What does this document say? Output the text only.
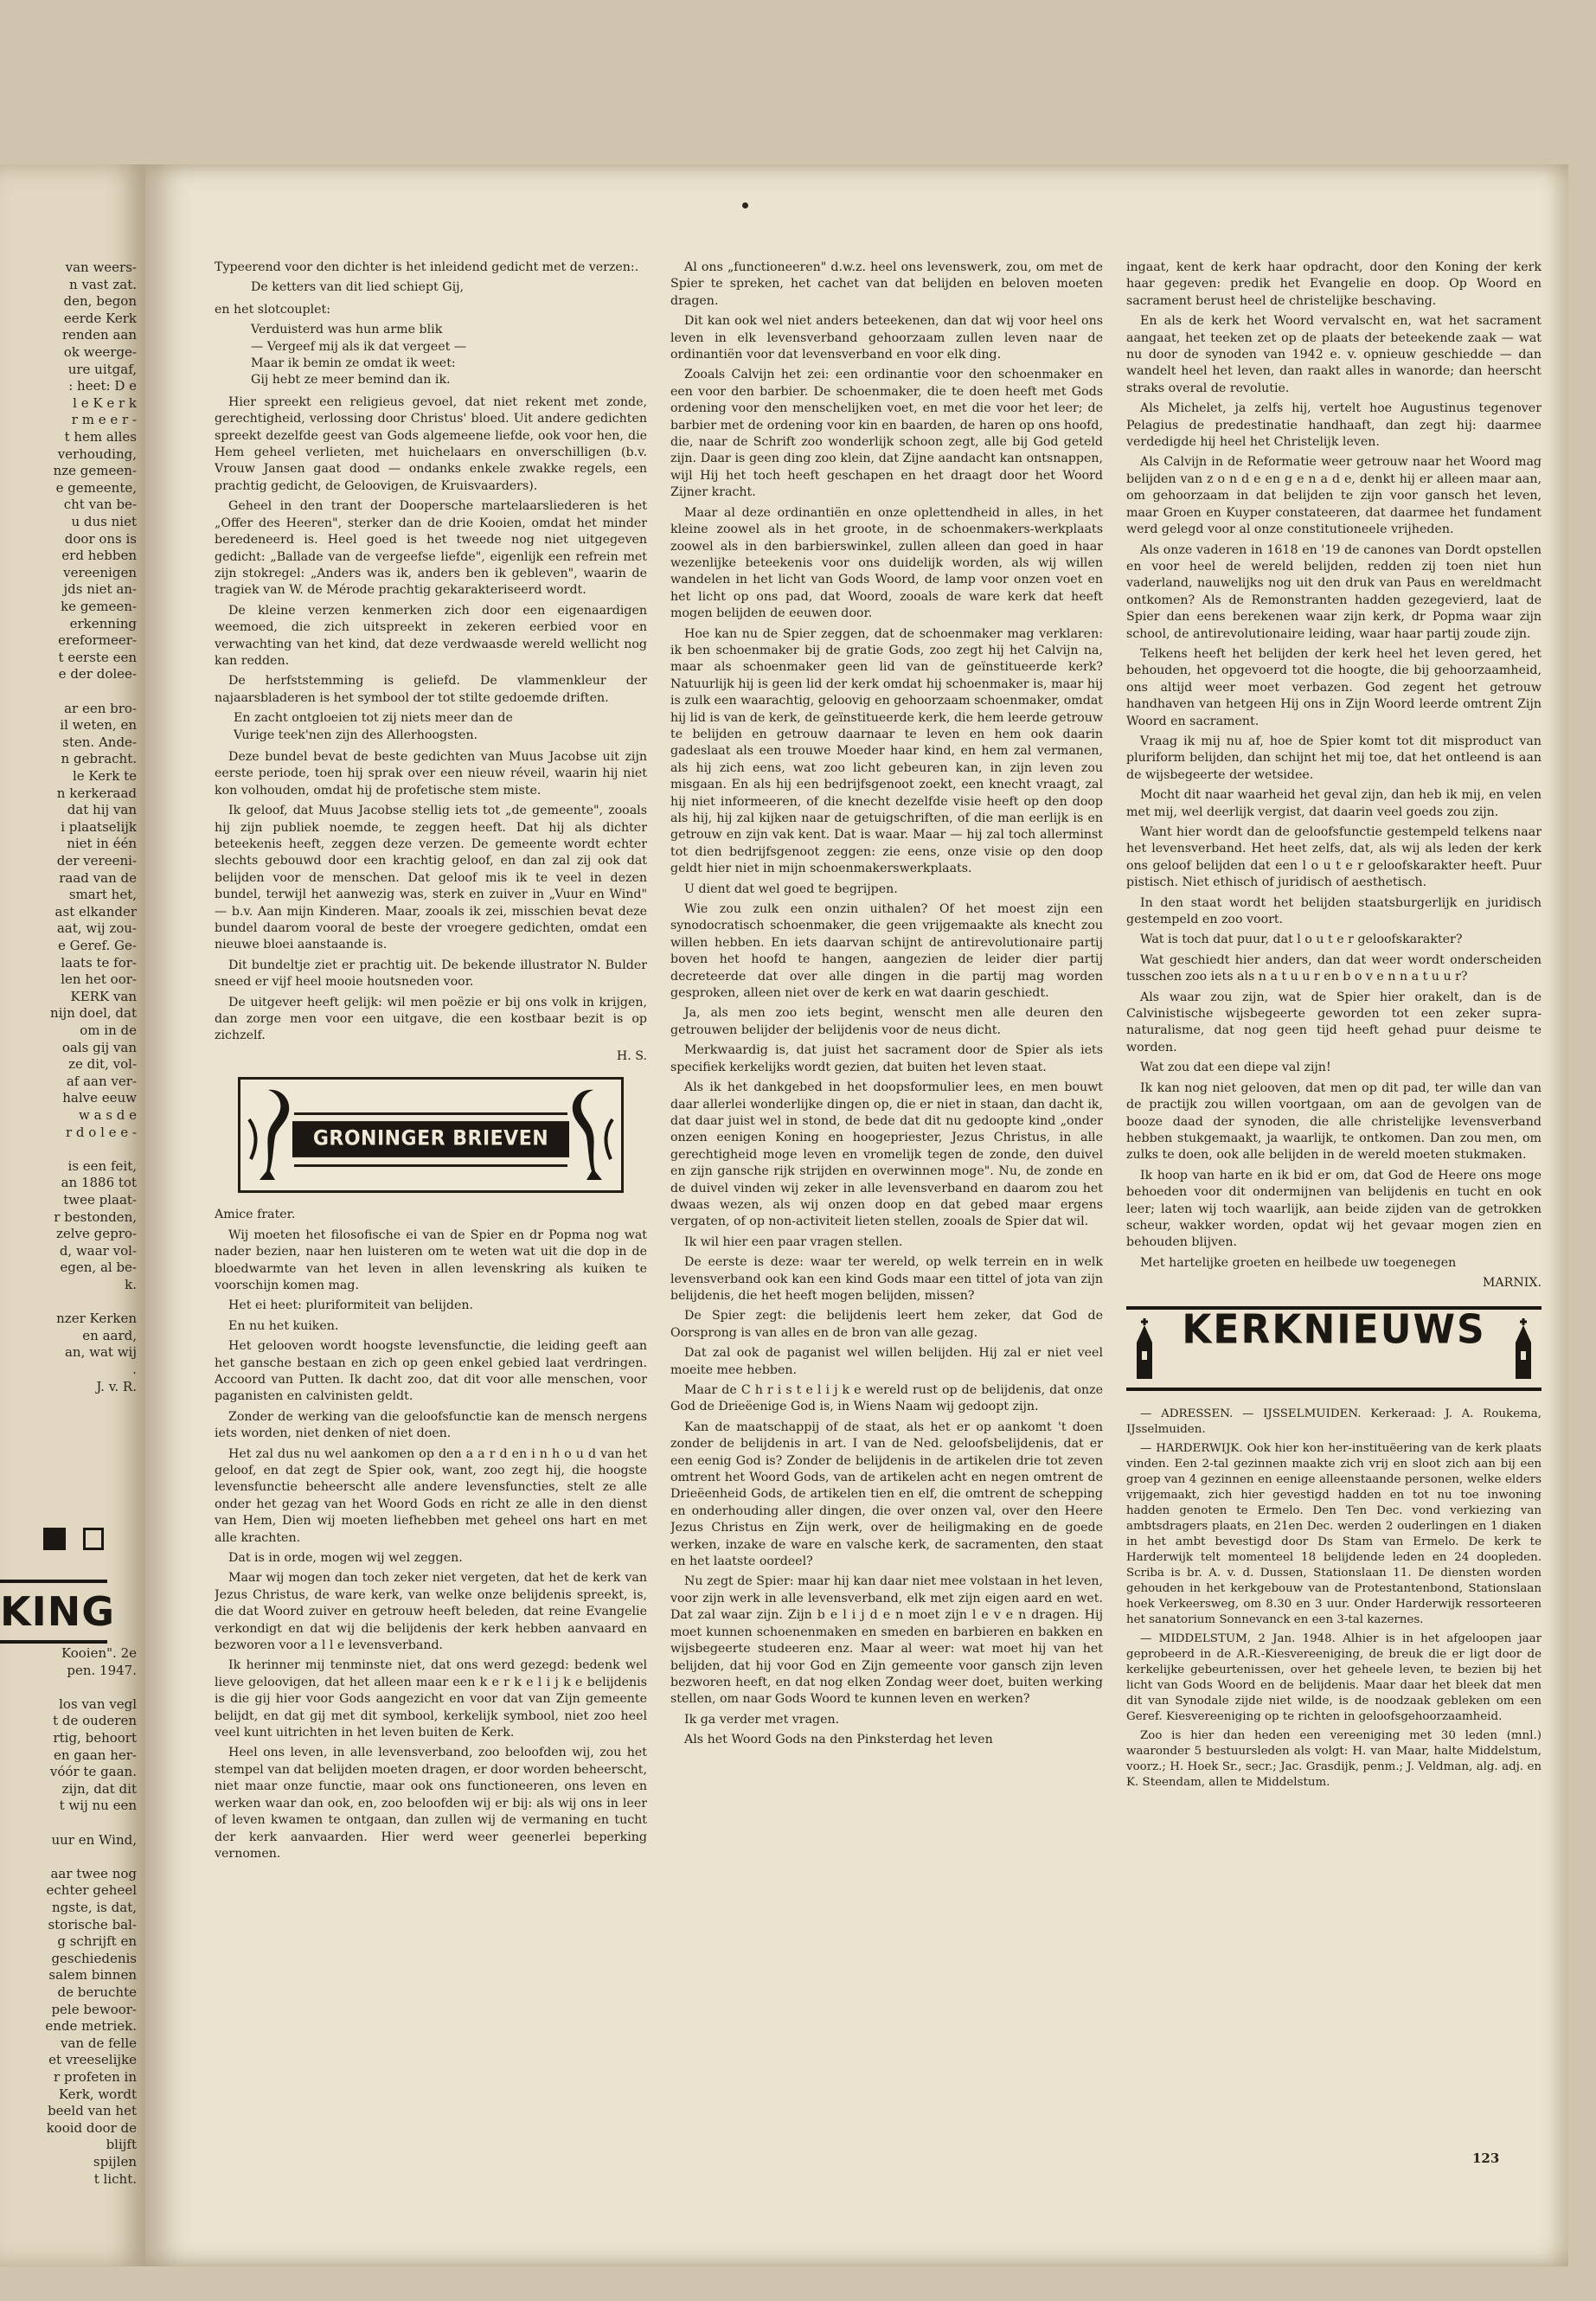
KING
van weers-
n vast zat.
den, begon
eerde Kerk
renden aan
ok weerge-
ure uitgaf,
: heet: D e
l e K e r k
r m e e r -
t hem alles
verhouding,
nze gemeen-
e gemeente,
cht van be-
u dus niet
door ons is
erd hebben
vereenigen
jds niet an-
ke gemeen-
erkenning
ereformeer-
t eerste een
e der dolee-
ar een bro-
il weten, en
sten. Ande-
n gebracht.
le Kerk te
n kerkeraad
dat hij van
i plaatselijk
niet in één
der vereeni-
raad van de
smart het,
ast elkander
aat, wij zou-
e Geref. Ge-
laats te for-
len het oor-
KERK van
nijn doel, dat
om in de
oals gij van
ze dit, vol-
af aan ver-
halve eeuw
w a s d e
r d o l e e -
is een feit,
an 1886 tot
twee plaat-
r bestonden,
zelve gepro-
d, waar vol-
egen, al be-
k.
nzer Kerken
en aard,
an, wat wij
.
J. v. R.
Kooien". 2e
pen. 1947.
los van vegl
t de ouderen
rtig, behoort
en gaan her-
vóór te gaan.
zijn, dat dit
t wij nu een
uur en Wind,
aar twee nog
echter geheel
ngste, is dat,
storische bal-
g schrijft en
geschiedenis
salem binnen
de beruchte
pele bewoor-
ende metriek.
van de felle
et vreeselijke
r profeten in
Kerk, wordt
beeld van het
kooid door de
blijft
spijlen
t licht.

Typeerend voor den dichter is het inleidend gedicht met de verzen:.

De ketters van dit lied schiept Gij,

en het slotcouplet:

Verduisterd was hun arme blik
— Vergeef mij als ik dat vergeet —
Maar ik bemin ze omdat ik weet:
Gij hebt ze meer bemind dan ik.

Hier spreekt een religieus gevoel, dat niet rekent met zonde, gerechtigheid, verlossing door Christus' bloed. Uit andere gedichten spreekt dezelfde geest van Gods algemeene liefde, ook voor hen, die Hem geheel verlieten, met huichelaars en onverschilligen (b.v. Vrouw Jansen gaat dood — ondanks enkele zwakke regels, een prachtig gedicht, de Geloovigen, de Kruisvaarders).

Geheel in den trant der Doopersche martelaarsliederen is het „Offer des Heeren", sterker dan de drie Kooien, omdat het minder beredeneerd is. Heel goed is het tweede nog niet uitgegeven gedicht: „Ballade van de vergeefse liefde", eigenlijk een refrein met zijn stokregel: „Anders was ik, anders ben ik gebleven", waarin de tragiek van W. de Mérode prachtig gekarakteriseerd wordt.

De kleine verzen kenmerken zich door een eigenaardigen weemoed, die zich uitspreekt in zekeren eerbied voor en verwachting van het kind, dat deze verdwaasde wereld wellicht nog kan redden.

De herfststemming is geliefd. De vlammenkleur der najaarsbladeren is het symbool der tot stilte gedoemde driften.

En zacht ontgloeien tot zij niets meer dan de
Vurige teek'nen zijn des Allerhoogsten.

Deze bundel bevat de beste gedichten van Muus Jacobse uit zijn eerste periode, toen hij sprak over een nieuw réveil, waarin hij niet kon volhouden, omdat hij de profetische stem miste.

Ik geloof, dat Muus Jacobse stellig iets tot „de gemeente", zooals hij zijn publiek noemde, te zeggen heeft. Dat hij als dichter beteekenis heeft, zeggen deze verzen. De gemeente wordt echter slechts gebouwd door een krachtig geloof, en dan zal zij ook dat belijden voor de menschen. Dat geloof mis ik te veel in dezen bundel, terwijl het aanwezig was, sterk en zuiver in „Vuur en Wind" — b.v. Aan mijn Kinderen. Maar, zooals ik zei, misschien bevat deze bundel daarom vooral de beste der vroegere gedichten, omdat een nieuwe bloei aanstaande is.

Dit bundeltje ziet er prachtig uit. De bekende illustrator N. Bulder sneed er vijf heel mooie houtsneden voor.

De uitgever heeft gelijk: wil men poëzie er bij ons volk in krijgen, dan zorge men voor een uitgave, die een kostbaar bezit is op zichzelf.

H. S.
GRONINGER BRIEVEN

Amice frater.

Wij moeten het filosofische ei van de Spier en dr Popma nog wat nader bezien, naar hen luisteren om te weten wat uit die dop in de bloedwarmte van het leven in allen levenskring als kuiken te voorschijn komen mag.

Het ei heet: pluriformiteit van belijden.

En nu het kuiken.

Het gelooven wordt hoogste levensfunctie, die leiding geeft aan het gansche bestaan en zich op geen enkel gebied laat verdringen. Accoord van Putten. Ik dacht zoo, dat dit voor alle menschen, voor paganisten en calvinisten geldt.

Zonder de werking van die geloofsfunctie kan de mensch nergens iets worden, niet denken of niet doen.

Het zal dus nu wel aankomen op den a a r d en i n h o u d van het geloof, en dat zegt de Spier ook, want, zoo zegt hij, die hoogste levensfunctie beheerscht alle andere levensfuncties, stelt ze alle onder het gezag van het Woord Gods en richt ze alle in den dienst van Hem, Dien wij moeten liefhebben met geheel ons hart en met alle krachten.

Dat is in orde, mogen wij wel zeggen.

Maar wij mogen dan toch zeker niet vergeten, dat het de kerk van Jezus Christus, de ware kerk, van welke onze belijdenis spreekt, is, die dat Woord zuiver en getrouw heeft beleden, dat reine Evangelie verkondigt en dat wij die belijdenis der kerk hebben aanvaard en bezworen voor a l l e levensverband.

Ik herinner mij tenminste niet, dat ons werd gezegd: bedenk wel lieve geloovigen, dat het alleen maar een k e r k e l i j k e belijdenis is die gij hier voor Gods aangezicht en voor dat van Zijn gemeente belijdt, en dat gij met dit symbool, kerkelijk symbool, niet zoo heel veel kunt uitrichten in het leven buiten de Kerk.

Heel ons leven, in alle levensverband, zoo beloofden wij, zou het stempel van dat belijden moeten dragen, er door worden beheerscht, niet maar onze functie, maar ook ons functioneeren, ons leven en werken waar dan ook, en, zoo beloofden wij er bij: als wij ons in leer of leven kwamen te ontgaan, dan zullen wij de vermaning en tucht der kerk aanvaarden. Hier werd weer geenerlei beperking vernomen.

Al ons „functioneeren" d.w.z. heel ons levenswerk, zou, om met de Spier te spreken, het cachet van dat belijden en beloven moeten dragen.

Dit kan ook wel niet anders beteekenen, dan dat wij voor heel ons leven in elk levensverband gehoorzaam zullen leven naar de ordinantiën voor dat levensverband en voor elk ding.

Zooals Calvijn het zei: een ordinantie voor den schoenmaker en een voor den barbier. De schoenmaker, die te doen heeft met Gods ordening voor den menschelijken voet, en met die voor het leer; de barbier met de ordening voor kin en baarden, de haren op ons hoofd, die, naar de Schrift zoo wonderlijk schoon zegt, alle bij God geteld zijn. Daar is geen ding zoo klein, dat Zijne aandacht kan ontsnappen, wijl Hij het toch heeft geschapen en het draagt door het Woord Zijner kracht.

Maar al deze ordinantiën en onze oplettendheid in alles, in het kleine zoowel als in het groote, in de schoenmakers-werkplaats zoowel als in den barbierswinkel, zullen alleen dan goed in haar wezenlijke beteekenis voor ons duidelijk worden, als wij willen wandelen in het licht van Gods Woord, de lamp voor onzen voet en het licht op ons pad, dat Woord, zooals de ware kerk dat heeft mogen belijden de eeuwen door.

Hoe kan nu de Spier zeggen, dat de schoenmaker mag verklaren: ik ben schoenmaker bij de gratie Gods, zoo zegt hij het Calvijn na, maar als schoenmaker geen lid van de geïnstitueerde kerk? Natuurlijk hij is geen lid der kerk omdat hij schoenmaker is, maar hij is zulk een waarachtig, geloovig en gehoorzaam schoenmaker, omdat hij lid is van de kerk, de geïnstitueerde kerk, die hem leerde getrouw te belijden en getrouw daarnaar te leven en hem ook daarin gadeslaat als een trouwe Moeder haar kind, en hem zal vermanen, als hij zich eens, wat zoo licht gebeuren kan, in zijn leven zou misgaan. En als hij een bedrijfsgenoot zoekt, een knecht vraagt, zal hij niet informeeren, of die knecht dezelfde visie heeft op den doop als hij, hij zal kijken naar de getuigschriften, of die man eerlijk is en getrouw en zijn vak kent. Dat is waar. Maar — hij zal toch allerminst tot dien bedrijfsgenoot zeggen: zie eens, onze visie op den doop geldt hier niet in mijn schoenmakerswerkplaats.

U dient dat wel goed te begrijpen.

Wie zou zulk een onzin uithalen? Of het moest zijn een synodocratisch schoenmaker, die geen vrijgemaakte als knecht zou willen hebben. En iets daarvan schijnt de antirevolutionaire partij boven het hoofd te hangen, aangezien de leider dier partij decreteerde dat over alle dingen in die partij mag worden gesproken, alleen niet over de kerk en wat daarin geschiedt.

Ja, als men zoo iets begint, wenscht men alle deuren den getrouwen belijder der belijdenis voor de neus dicht.

Merkwaardig is, dat juist het sacrament door de Spier als iets specifiek kerkelijks wordt gezien, dat buiten het leven staat.

Als ik het dankgebed in het doopsformulier lees, en men bouwt daar allerlei wonderlijke dingen op, die er niet in staan, dan dacht ik, dat daar juist wel in stond, de bede dat dit nu gedoopte kind „onder onzen eenigen Koning en hoogepriester, Jezus Christus, in alle gerechtigheid moge leven en vromelijk tegen de zonde, den duivel en zijn gansche rijk strijden en overwinnen moge". Nu, de zonde en de duivel vinden wij zeker in alle levensverband en daarom zou het dwaas wezen, als wij onzen doop en dat gebed maar ergens vergaten, of op non-activiteit lieten stellen, zooals de Spier dat wil.

Ik wil hier een paar vragen stellen.

De eerste is deze: waar ter wereld, op welk terrein en in welk levensverband ook kan een kind Gods maar een tittel of jota van zijn belijdenis, die het heeft mogen belijden, missen?

De Spier zegt: die belijdenis leert hem zeker, dat God de Oorsprong is van alles en de bron van alle gezag.

Dat zal ook de paganist wel willen belijden. Hij zal er niet veel moeite mee hebben.

Maar de C h r i s t e l i j k e wereld rust op de belijdenis, dat onze God de Drieëenige God is, in Wiens Naam wij gedoopt zijn.

Kan de maatschappij of de staat, als het er op aankomt 't doen zonder de belijdenis in art. I van de Ned. geloofsbelijdenis, dat er een eenig God is? Zonder de belijdenis in de artikelen drie tot zeven omtrent het Woord Gods, van de artikelen acht en negen omtrent de Drieëenheid Gods, de artikelen tien en elf, die omtrent de schepping en onderhouding aller dingen, die over onzen val, over den Heere Jezus Christus en Zijn werk, over de heiligmaking en de goede werken, inzake de ware en valsche kerk, de sacramenten, den staat en het laatste oordeel?

Nu zegt de Spier: maar hij kan daar niet mee volstaan in het leven, voor zijn werk in alle levensverband, elk met zijn eigen aard en wet. Dat zal waar zijn. Zijn b e l i j d e n moet zijn l e v e n dragen. Hij moet kunnen schoenenmaken en smeden en barbieren en bakken en wijsbegeerte studeeren enz. Maar al weer: wat moet hij van het belijden, dat hij voor God en Zijn gemeente voor gansch zijn leven bezworen heeft, en dat nog elken Zondag weer doet, buiten werking stellen, om naar Gods Woord te kunnen leven en werken?

Ik ga verder met vragen.

Als het Woord Gods na den Pinksterdag het leven

ingaat, kent de kerk haar opdracht, door den Koning der kerk haar gegeven: predik het Evangelie en doop. Op Woord en sacrament berust heel de christelijke beschaving.

En als de kerk het Woord vervalscht en, wat het sacrament aangaat, het teeken zet op de plaats der beteekende zaak — wat nu door de synoden van 1942 e. v. opnieuw geschiedde — dan wandelt heel het leven, dan raakt alles in wanorde; dan heerscht straks overal de revolutie.

Als Michelet, ja zelfs hij, vertelt hoe Augustinus tegenover Pelagius de predestinatie handhaaft, dan zegt hij: daarmee verdedigde hij heel het Christelijk leven.

Als Calvijn in de Reformatie weer getrouw naar het Woord mag belijden van z o n d e en g e n a d e, denkt hij er alleen maar aan, om gehoorzaam in dat belijden te zijn voor gansch het leven, maar Groen en Kuyper constateeren, dat daarmee het fundament werd gelegd voor al onze constitutioneele vrijheden.

Als onze vaderen in 1618 en '19 de canones van Dordt opstellen en voor heel de wereld belijden, redden zij toen niet hun vaderland, nauwelijks nog uit den druk van Paus en wereldmacht ontkomen? Als de Remonstranten hadden gezegevierd, laat de Spier dan eens berekenen waar zijn kerk, dr Popma waar zijn school, de antirevolutionaire leiding, waar haar partij zoude zijn.

Telkens heeft het belijden der kerk heel het leven gered, het behouden, het opgevoerd tot die hoogte, die bij gehoorzaamheid, ons altijd weer moet verbazen. God zegent het getrouw handhaven van hetgeen Hij ons in Zijn Woord leerde omtrent Zijn Woord en sacrament.

Vraag ik mij nu af, hoe de Spier komt tot dit misproduct van pluriform belijden, dan schijnt het mij toe, dat het ontleend is aan de wijsbegeerte der wetsidee.

Mocht dit naar waarheid het geval zijn, dan heb ik mij, en velen met mij, wel deerlijk vergist, dat daarin veel goeds zou zijn.

Want hier wordt dan de geloofsfunctie gestempeld telkens naar het levensverband. Het heet zelfs, dat, als wij als leden der kerk ons geloof belijden dat een l o u t e r geloofskarakter heeft. Puur pistisch. Niet ethisch of juridisch of aesthetisch.

In den staat wordt het belijden staatsburgerlijk en juridisch gestempeld en zoo voort.

Wat is toch dat puur, dat l o u t e r geloofskarakter?

Wat geschiedt hier anders, dan dat weer wordt onderscheiden tusschen zoo iets als n a t u u r en b o v e n n a t u u r?

Als waar zou zijn, wat de Spier hier orakelt, dan is de Calvinistische wijsbegeerte geworden tot een zeker supra-naturalisme, dat nog geen tijd heeft gehad puur deisme te worden.

Wat zou dat een diepe val zijn!

Ik kan nog niet gelooven, dat men op dit pad, ter wille dan van de practijk zou willen voortgaan, om aan de gevolgen van de booze daad der synoden, die alle christelijke levensverband hebben stukgemaakt, ja waarlijk, te ontkomen. Dan zou men, om zulks te doen, ook alle belijden in de wereld moeten stukmaken.

Ik hoop van harte en ik bid er om, dat God de Heere ons moge behoeden voor dit ondermijnen van belijdenis en tucht en ook leer; laten wij toch waarlijk, aan beide zijden van de getrokken scheur, wakker worden, opdat wij het gevaar mogen zien en behouden blijven.

Met hartelijke groeten en heilbede uw toegenegen

MARNIX.
KERKNIEUWS

— ADRESSEN. — IJSSELMUIDEN. Kerkeraad: J. A. Roukema, IJsselmuiden.

— HARDERWIJK. Ook hier kon her-instituëering van de kerk plaats vinden. Een 2-tal gezinnen maakte zich vrij en sloot zich aan bij een groep van 4 gezinnen en eenige alleenstaande personen, welke elders vrijgemaakt, zich hier gevestigd hadden en tot nu toe inwoning hadden genoten te Ermelo. Den Ten Dec. vond verkiezing van ambtsdragers plaats, en 21en Dec. werden 2 ouderlingen en 1 diaken in het ambt bevestigd door Ds Stam van Ermelo. De kerk te Harderwijk telt momenteel 18 belijdende leden en 24 doopleden. Scriba is br. A. v. d. Dussen, Stationslaan 11. De diensten worden gehouden in het kerkgebouw van de Protestantenbond, Stationslaan hoek Verkeersweg, om 8.30 en 3 uur. Onder Harderwijk ressorteeren het sanatorium Sonnevanck en een 3-tal kazernes.

— MIDDELSTUM, 2 Jan. 1948. Alhier is in het afgeloopen jaar geprobeerd in de A.R.-Kiesvereeniging, de breuk die er ligt door de kerkelijke gebeurtenissen, over het geheele leven, te bezien bij het licht van Gods Woord en de belijdenis. Maar daar het bleek dat men dit van Synodale zijde niet wilde, is de noodzaak gebleken om een Geref. Kiesvereeniging op te richten in geloofsgehoorzaamheid.

Zoo is hier dan heden een vereeniging met 30 leden (mnl.) waaronder 5 bestuursleden als volgt: H. van Maar, halte Middelstum, voorz.; H. Hoek Sr., secr.; Jac. Grasdijk, penm.; J. Veldman, alg. adj. en K. Steendam, allen te Middelstum.

123
